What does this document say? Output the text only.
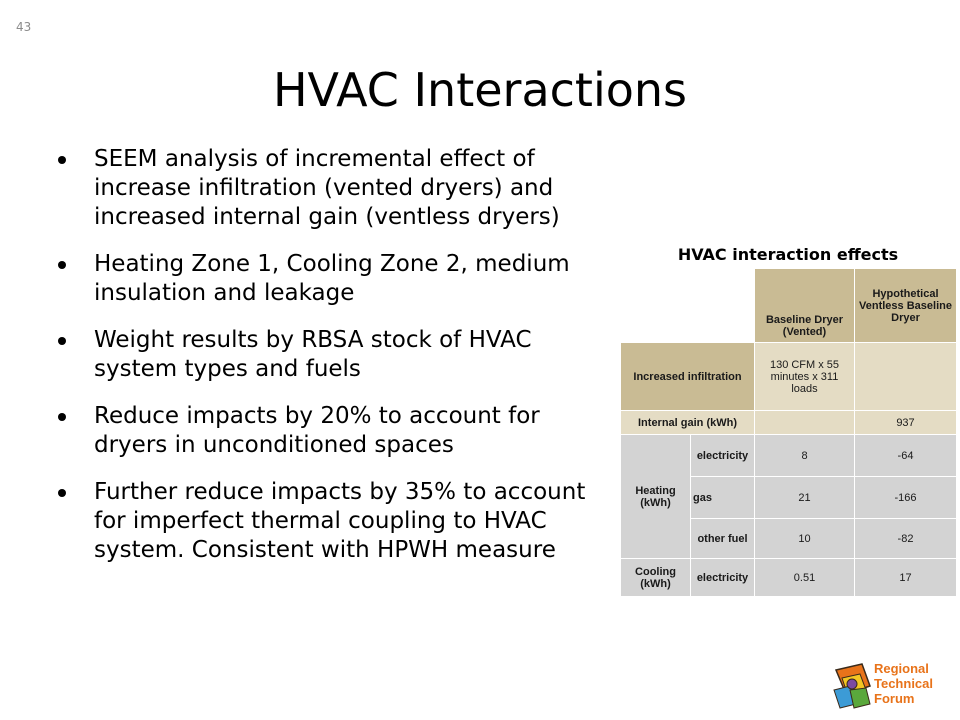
43
HVAC Interactions
SEEM analysis of incremental effect of increase infiltration (vented dryers) and increased internal gain (ventless dryers)
Heating Zone 1, Cooling Zone 2, medium insulation and leakage
Weight results by RBSA stock of HVAC system types and fuels
Reduce impacts by 20% to account for dryers in unconditioned spaces
Further reduce impacts by 35% to account for imperfect thermal coupling to HVAC system. Consistent with HPWH measure
HVAC interaction effects
		Baseline Dryer (Vented)	Hypothetical Ventless Baseline Dryer
Increased infiltration		130 CFM x 55 minutes x 311 loads	
Internal gain (kWh)			937
Heating (kWh)	electricity	8	-64
	gas	21	-166
	other fuel	10	-82
Cooling (kWh)	electricity	0.51	17
Regional
Technical
Forum
